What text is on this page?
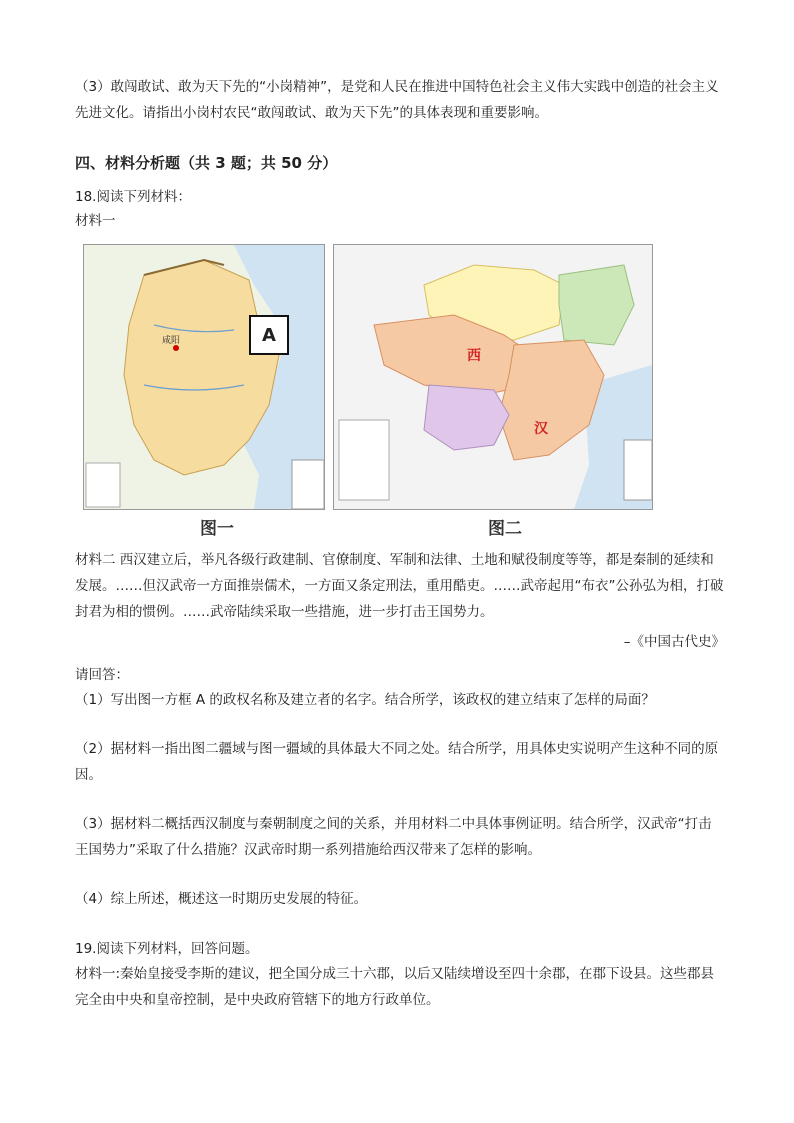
（3）敢闯敢试、敢为天下先的“小岗精神”，是党和人民在推进中国特色社会主义伟大实践中创造的社会主义先进文化。请指出小岗村农民“敢闯敢试、敢为天下先”的具体表现和重要影响。
四、材料分析题（共 3 题；共 50 分）
18.阅读下列材料：
材料一
咸阳	A
图一
西
汉
图二
材料二 西汉建立后，举凡各级行政建制、官僚制度、军制和法律、土地和赋役制度等等，都是秦制的延续和发展。……但汉武帝一方面推崇儒术，一方面又条定刑法，重用酷吏。……武帝起用“布衣”公孙弘为相，打破封君为相的惯例。……武帝陆续采取一些措施，进一步打击王国势力。
–《中国古代史》
请回答：
（1）写出图一方框 A 的政权名称及建立者的名字。结合所学，该政权的建立结束了怎样的局面？
（2）据材料一指出图二疆域与图一疆域的具体最大不同之处。结合所学，用具体史实说明产生这种不同的原因。
（3）据材料二概括西汉制度与秦朝制度之间的关系，并用材料二中具体事例证明。结合所学，汉武帝“打击王国势力”采取了什么措施？汉武帝时期一系列措施给西汉带来了怎样的影响。
（4）综上所述，概述这一时期历史发展的特征。
19.阅读下列材料，回答问题。
材料一:秦始皇接受李斯的建议，把全国分成三十六郡，以后又陆续增设至四十余郡，在郡下设县。这些郡县完全由中央和皇帝控制，是中央政府管辖下的地方行政单位。
